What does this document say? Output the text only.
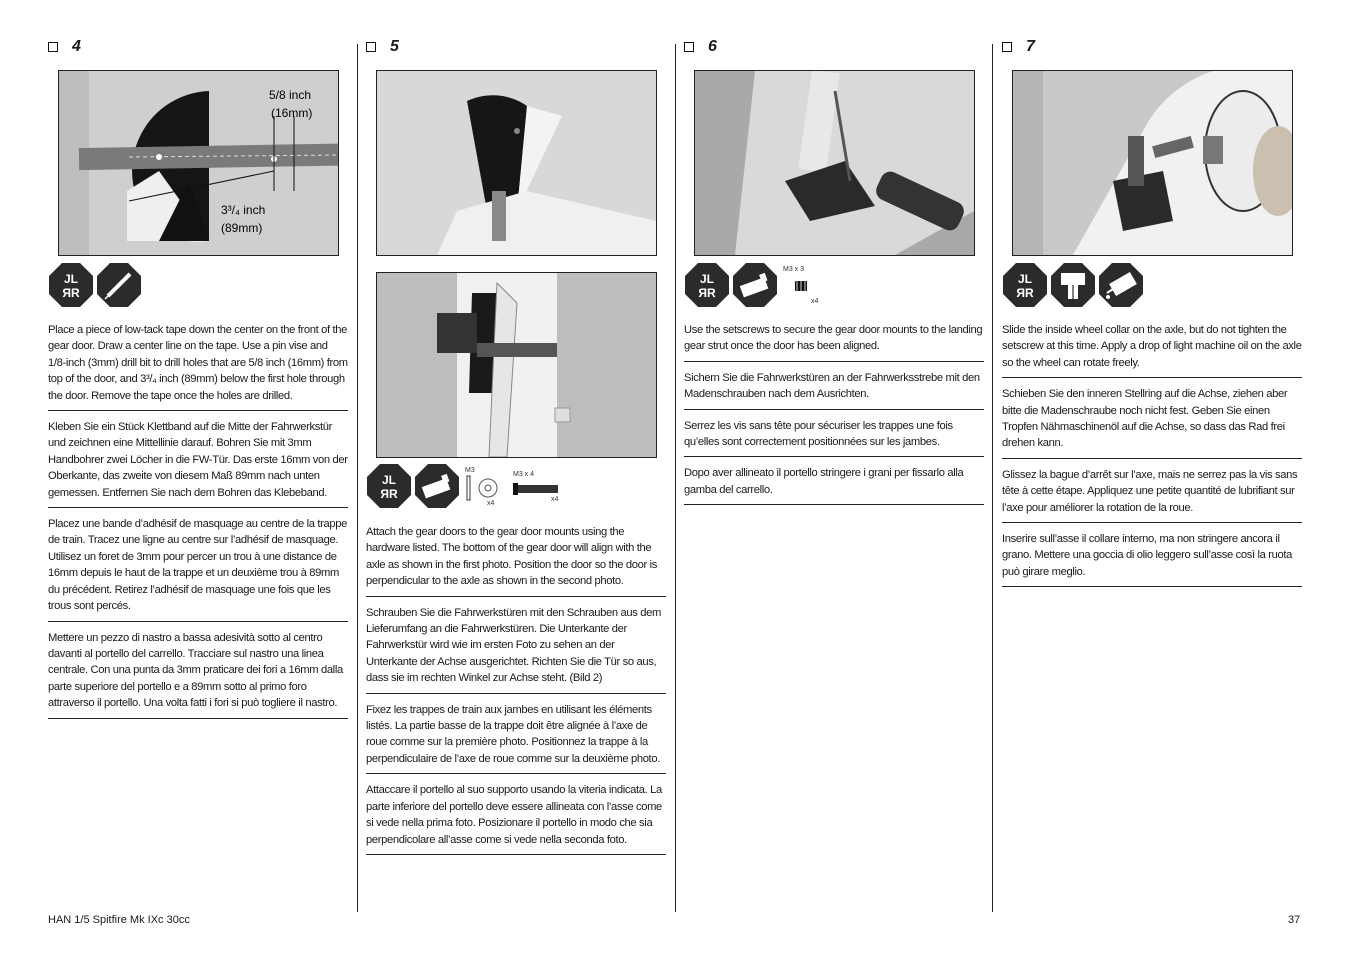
4
5/8 inch
(16mm)
3³/₄ inch
(89mm)
JL
ЯR
Place a piece of low-tack tape down the center on the front of the gear door. Draw a center line on the tape. Use a pin vise and 1/8-inch (3mm) drill bit to drill holes that are 5/8 inch (16mm) from top of the door, and 3³/₄ inch (89mm) below the first hole through the door. Remove the tape once the holes are drilled.
Kleben Sie ein Stück Klettband auf die Mitte der Fahrwerkstür und zeichnen eine Mittellinie darauf. Bohren Sie mit 3mm Handbohrer zwei Löcher in die FW-Tür. Das erste 16mm von der Oberkante, das zweite von diesem Maß 89mm nach unten gemessen. Entfernen Sie nach dem Bohren das Klebeband.
Placez une bande d’adhésif de masquage au centre de la trappe de train. Tracez une ligne au centre sur l’adhésif de masquage. Utilisez un foret de 3mm pour percer un trou à une distance de 16mm depuis le haut de la trappe et un deuxième trou à 89mm du précédent. Retirez l’adhésif de masquage une fois que les trous sont percés.
Mettere un pezzo di nastro a bassa adesività sotto al centro davanti al portello del carrello. Tracciare sul nastro una linea centrale. Con una punta da 3mm praticare dei fori a 16mm dalla parte superiore del portello e a 89mm sotto al primo foro attraverso il portello. Una volta fatti i fori si può togliere il nastro.
5
JL
ЯR
M3
x4
M3 x 4
x4
Attach the gear doors to the gear door mounts using the hardware listed. The bottom of the gear door will align with the axle as shown in the first photo. Position the door so the door is perpendicular to the axle as shown in the second photo.
Schrauben Sie die Fahrwerkstüren mit den Schrauben aus dem Lieferumfang an die Fahrwerkstüren. Die Unterkante der Fahrwerkstür wird wie im ersten Foto zu sehen an der Unterkante der Achse ausgerichtet. Richten Sie die Tür so aus, dass sie im rechten Winkel zur Achse steht. (Bild 2)
Fixez les trappes de train aux jambes en utilisant les éléments listés. La partie basse de la trappe doit être alignée à l’axe de roue comme sur la première photo. Positionnez la trappe à la perpendiculaire de l’axe de roue comme sur la deuxième photo.
Attaccare il portello al suo supporto usando la viteria indicata. La parte inferiore del portello deve essere allineata con l’asse come si vede nella prima foto. Posizionare il portello in modo che sia perpendicolare all’asse come si vede nella seconda foto.
6
JL
ЯR
M3 x 3
x4
Use the setscrews to secure the gear door mounts to the landing gear strut once the door has been aligned.
Sichern Sie die Fahrwerkstüren an der Fahrwerksstrebe mit den Madenschrauben nach dem Ausrichten.
Serrez les vis sans tête pour sécuriser les trappes une fois qu’elles sont correctement positionnées sur les jambes.
Dopo aver allineato il portello stringere i grani per fissarlo alla gamba del carrello.
7
JL
ЯR
Slide the inside wheel collar on the axle, but do not tighten the setscrew at this time. Apply a drop of light machine oil on the axle so the wheel can rotate freely.
Schieben Sie den inneren Stellring auf die Achse, ziehen aber bitte die Madenschraube noch nicht fest. Geben Sie einen Tropfen Nähmaschinenöl auf die Achse, so dass das Rad frei drehen kann.
Glissez la bague d’arrêt sur l’axe, mais ne serrez pas la vis sans tête à cette étape. Appliquez une petite quantité de lubrifiant sur l’axe pour améliorer la rotation de la roue.
Inserire sull’asse il collare interno, ma non stringere ancora il grano. Mettere una goccia di olio leggero sull’asse così la ruota può girare meglio.
HAN 1/5 Spitfire Mk IXc 30cc	37
